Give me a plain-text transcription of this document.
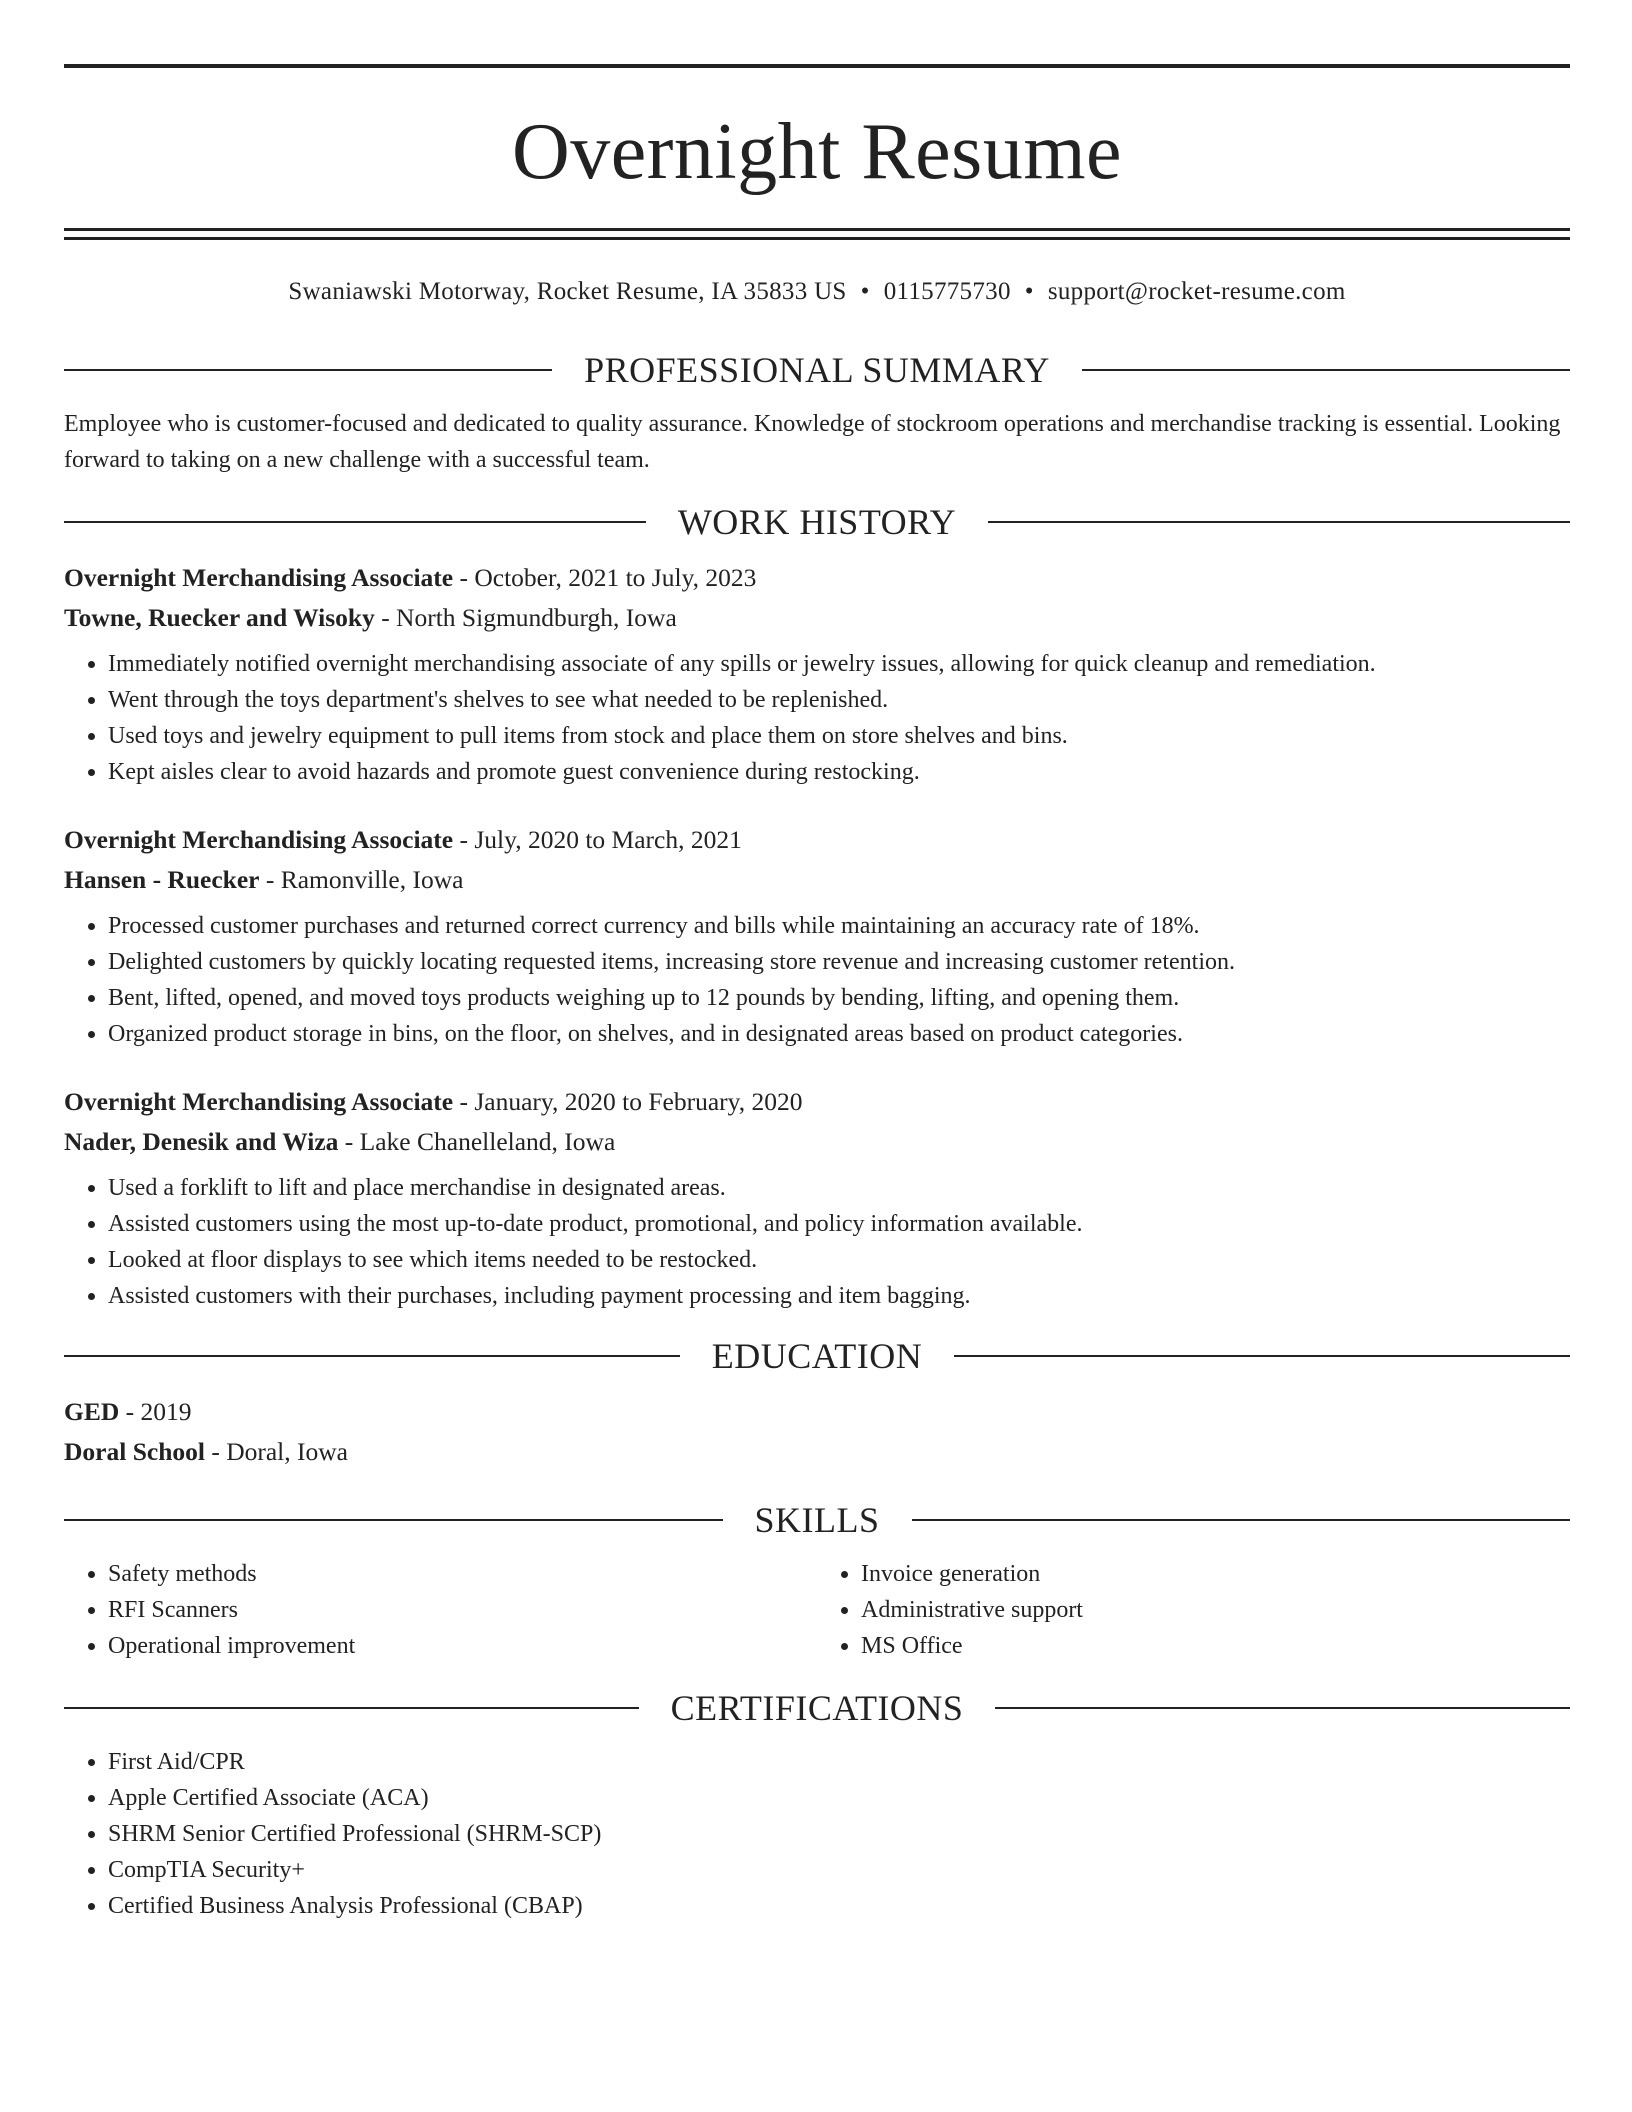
Overnight Resume
Swaniawski Motorway, Rocket Resume, IA 35833 US • 0115775730 • support@rocket-resume.com
PROFESSIONAL SUMMARY
Employee who is customer-focused and dedicated to quality assurance. Knowledge of stockroom operations and merchandise tracking is essential. Looking forward to taking on a new challenge with a successful team.
WORK HISTORY
Overnight Merchandising Associate - October, 2021 to July, 2023
Towne, Ruecker and Wisoky - North Sigmundburgh, Iowa
• Immediately notified overnight merchandising associate of any spills or jewelry issues, allowing for quick cleanup and remediation.
• Went through the toys department's shelves to see what needed to be replenished.
• Used toys and jewelry equipment to pull items from stock and place them on store shelves and bins.
• Kept aisles clear to avoid hazards and promote guest convenience during restocking.
Overnight Merchandising Associate - July, 2020 to March, 2021
Hansen - Ruecker - Ramonville, Iowa
• Processed customer purchases and returned correct currency and bills while maintaining an accuracy rate of 18%.
• Delighted customers by quickly locating requested items, increasing store revenue and increasing customer retention.
• Bent, lifted, opened, and moved toys products weighing up to 12 pounds by bending, lifting, and opening them.
• Organized product storage in bins, on the floor, on shelves, and in designated areas based on product categories.
Overnight Merchandising Associate - January, 2020 to February, 2020
Nader, Denesik and Wiza - Lake Chanelleland, Iowa
• Used a forklift to lift and place merchandise in designated areas.
• Assisted customers using the most up-to-date product, promotional, and policy information available.
• Looked at floor displays to see which items needed to be restocked.
• Assisted customers with their purchases, including payment processing and item bagging.
EDUCATION
GED - 2019
Doral School - Doral, Iowa
SKILLS
• Safety methods
• RFI Scanners
• Operational improvement
• Invoice generation
• Administrative support
• MS Office
CERTIFICATIONS
• First Aid/CPR
• Apple Certified Associate (ACA)
• SHRM Senior Certified Professional (SHRM-SCP)
• CompTIA Security+
• Certified Business Analysis Professional (CBAP)
